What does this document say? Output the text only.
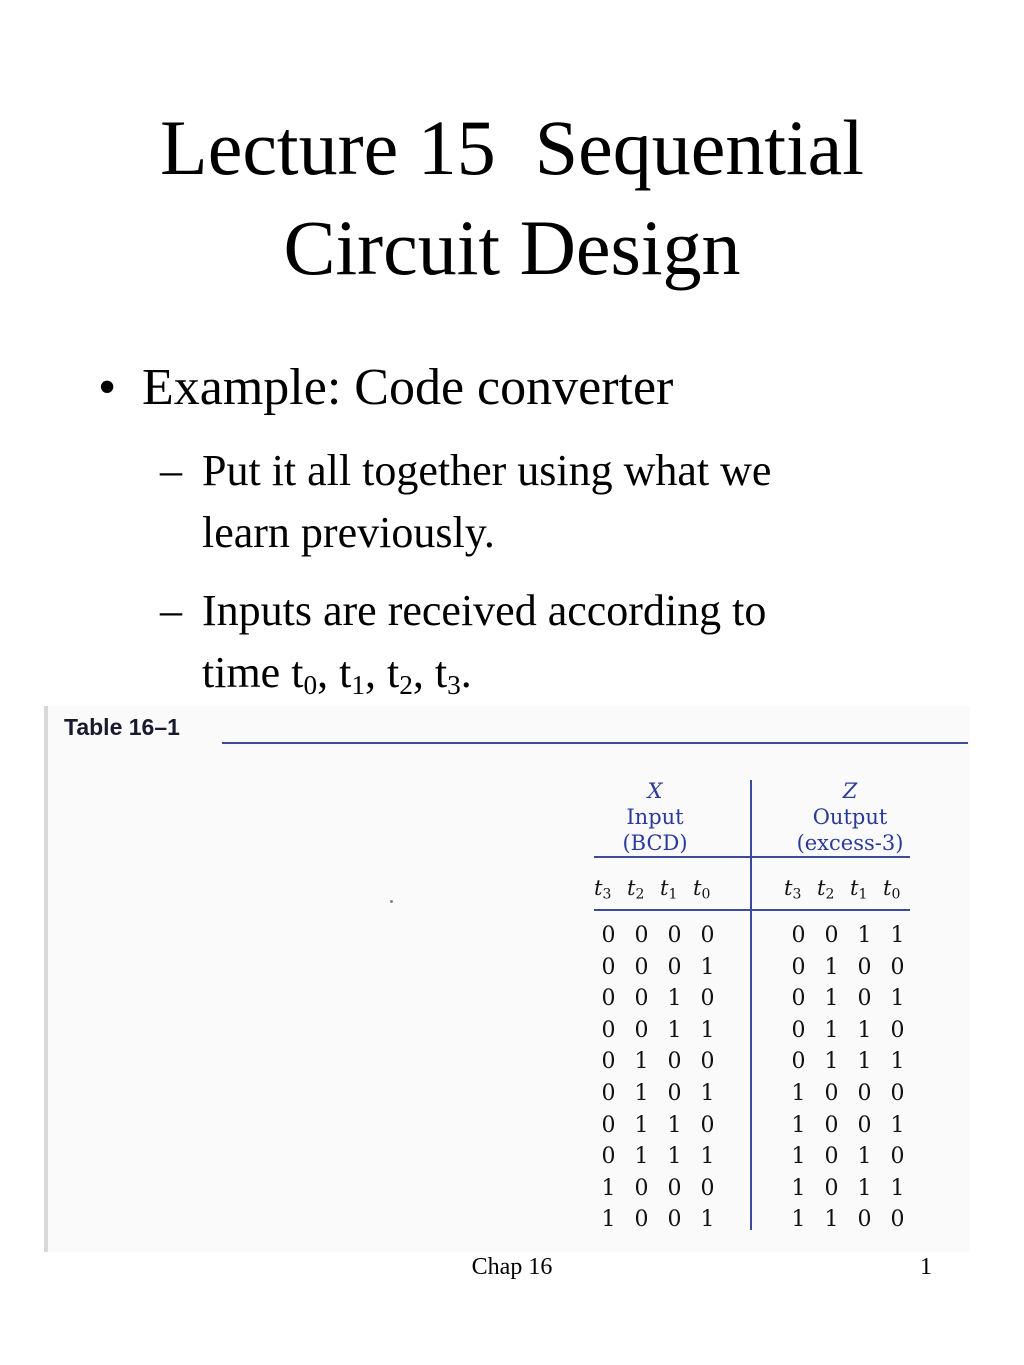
Lecture 15  Sequential
Circuit Design
• Example: Code converter
– Put it all together using what we
learn previously.
– Inputs are received according to
time $t_0$, $t_1$, $t_2$, $t_3$.
Table 16–1
X
Input
(BCD)
Z
Output
(excess-3)
$t_3$ $t_2$ $t_1$ $t_0$	$t_3$ $t_2$ $t_1$ $t_0$
0 0 0 0
0 0 0 1
0 0 1 0
0 0 1 1
0 1 0 0
0 1 0 1
0 1 1 0
0 1 1 1
1 0 0 0
1 0 0 1
0 0 1 1
0 1 0 0
0 1 0 1
0 1 1 0
0 1 1 1
1 0 0 0
1 0 0 1
1 0 1 0
1 0 1 1
1 1 0 0
Chap 16	1
